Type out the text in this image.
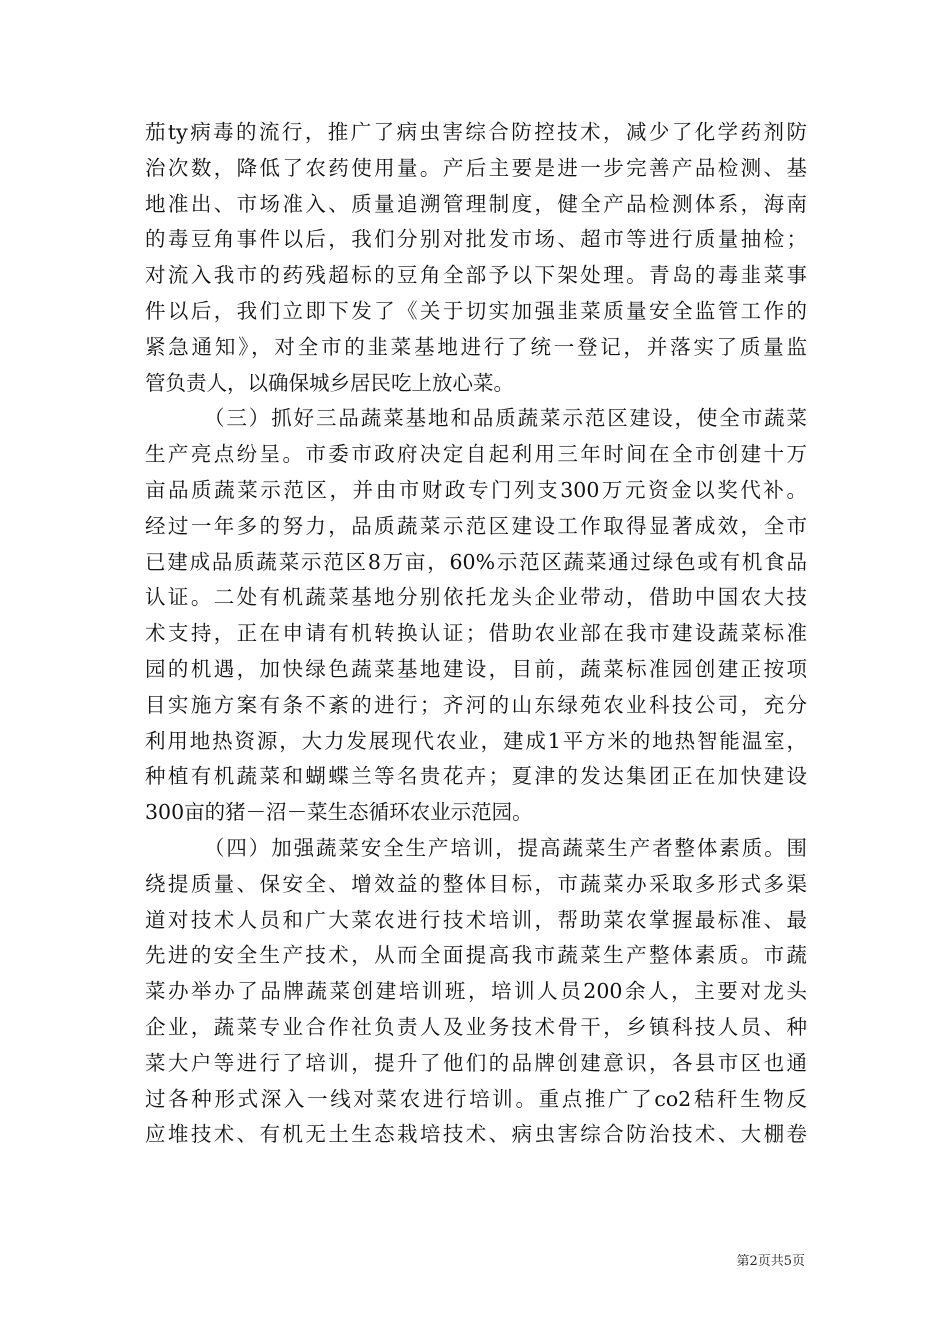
茄ty病毒的流行，推广了病虫害综合防控技术，减少了化学药剂防
治次数，降低了农药使用量。产后主要是进一步完善产品检测、基
地准出、市场准入、质量追溯管理制度，健全产品检测体系，海南
的毒豆角事件以后，我们分别对批发市场、超市等进行质量抽检；
对流入我市的药残超标的豆角全部予以下架处理。青岛的毒韭菜事
件以后，我们立即下发了《关于切实加强韭菜质量安全监管工作的
紧急通知》，对全市的韭菜基地进行了统一登记，并落实了质量监
管负责人，以确保城乡居民吃上放心菜。
（三）抓好三品蔬菜基地和品质蔬菜示范区建设，使全市蔬菜
生产亮点纷呈。市委市政府决定自起利用三年时间在全市创建十万
亩品质蔬菜示范区，并由市财政专门列支300万元资金以奖代补。
经过一年多的努力，品质蔬菜示范区建设工作取得显著成效，全市
已建成品质蔬菜示范区8万亩，60%示范区蔬菜通过绿色或有机食品
认证。二处有机蔬菜基地分别依托龙头企业带动，借助中国农大技
术支持，正在申请有机转换认证；借助农业部在我市建设蔬菜标准
园的机遇，加快绿色蔬菜基地建设，目前，蔬菜标准园创建正按项
目实施方案有条不紊的进行；齐河的山东绿苑农业科技公司，充分
利用地热资源，大力发展现代农业，建成1平方米的地热智能温室，
种植有机蔬菜和蝴蝶兰等名贵花卉；夏津的发达集团正在加快建设
300亩的猪－沼－菜生态循环农业示范园。
（四）加强蔬菜安全生产培训，提高蔬菜生产者整体素质。围
绕提质量、保安全、增效益的整体目标，市蔬菜办采取多形式多渠
道对技术人员和广大菜农进行技术培训，帮助菜农掌握最标准、最
先进的安全生产技术，从而全面提高我市蔬菜生产整体素质。市蔬
菜办举办了品牌蔬菜创建培训班，培训人员200余人，主要对龙头
企业，蔬菜专业合作社负责人及业务技术骨干，乡镇科技人员、种
菜大户等进行了培训，提升了他们的品牌创建意识，各县市区也通
过各种形式深入一线对菜农进行培训。重点推广了co2秸秆生物反
应堆技术、有机无土生态栽培技术、病虫害综合防治技术、大棚卷
第2页共5页
